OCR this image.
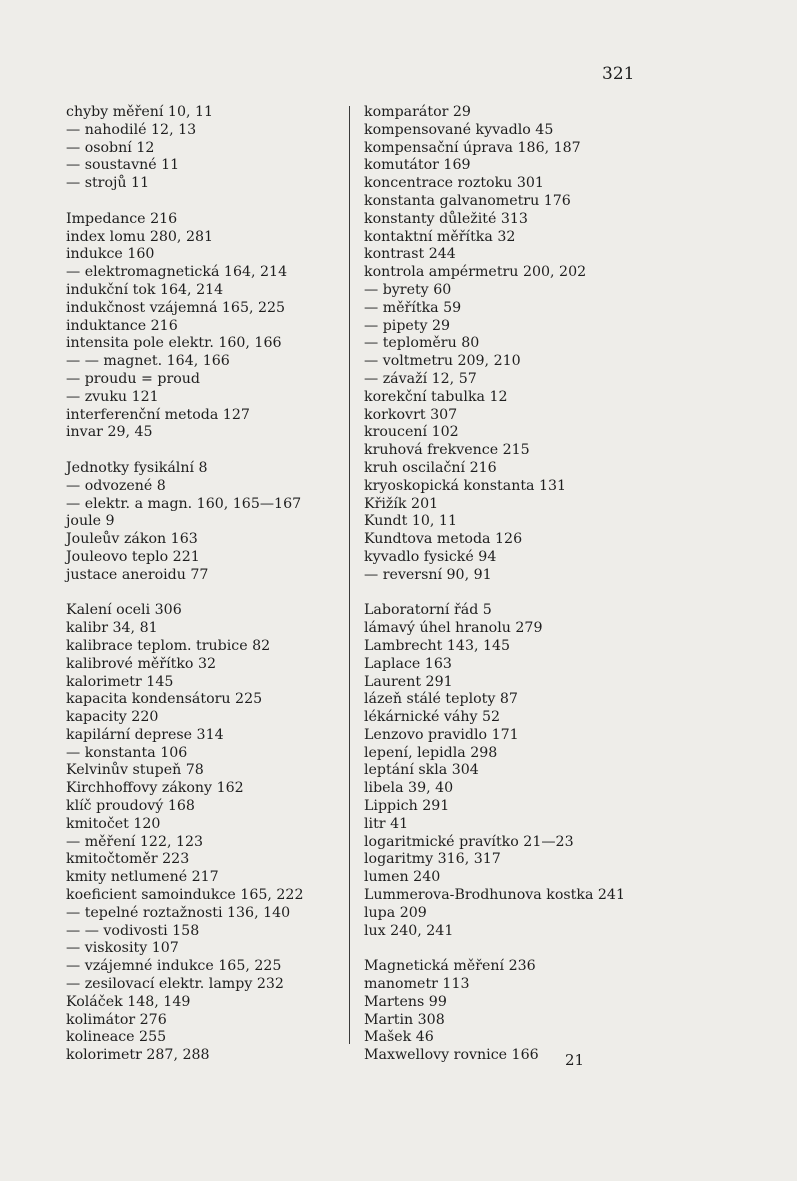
321
chyby měření 10, 11
— nahodilé 12, 13
— osobní 12
— soustavné 11
— strojů 11
Impedance 216
index lomu 280, 281
indukce 160
— elektromagnetická 164, 214
indukční tok 164, 214
indukčnost vzájemná 165, 225
induktance 216
intensita pole elektr. 160, 166
— — magnet. 164, 166
— proudu = proud
— zvuku 121
interferenční metoda 127
invar 29, 45
Jednotky fysikální 8
— odvozené 8
— elektr. a magn. 160, 165—167
joule 9
Jouleův zákon 163
Jouleovo teplo 221
justace aneroidu 77
Kalení oceli 306
kalibr 34, 81
kalibrace teplom. trubice 82
kalibrové měřítko 32
kalorimetr 145
kapacita kondensátoru 225
kapacity 220
kapilární deprese 314
— konstanta 106
Kelvinův stupeň 78
Kirchhoffovy zákony 162
klíč proudový 168
kmitočet 120
— měření 122, 123
kmitočtoměr 223
kmity netlumené 217
koeficient samoindukce 165, 222
— tepelné roztažnosti 136, 140
— — vodivosti 158
— viskosity 107
— vzájemné indukce 165, 225
— zesilovací elektr. lampy 232
Koláček 148, 149
kolimátor 276
kolineace 255
kolorimetr 287, 288
komparátor 29
kompensované kyvadlo 45
kompensační úprava 186, 187
komutátor 169
koncentrace roztoku 301
konstanta galvanometru 176
konstanty důležité 313
kontaktní měřítka 32
kontrast 244
kontrola ampérmetru 200, 202
— byrety 60
— měřítka 59
— pipety 29
— teploměru 80
— voltmetru 209, 210
— závaží 12, 57
korekční tabulka 12
korkovrt 307
kroucení 102
kruhová frekvence 215
kruh oscilační 216
kryoskopická konstanta 131
Křižík 201
Kundt 10, 11
Kundtova metoda 126
kyvadlo fysické 94
— reversní 90, 91
Laboratorní řád 5
lámavý úhel hranolu 279
Lambrecht 143, 145
Laplace 163
Laurent 291
lázeň stálé teploty 87
lékárnické váhy 52
Lenzovo pravidlo 171
lepení, lepidla 298
leptání skla 304
libela 39, 40
Lippich 291
litr 41
logaritmické pravítko 21—23
logaritmy 316, 317
lumen 240
Lummerova-Brodhunova kostka 241
lupa 209
lux 240, 241
Magnetická měření 236
manometr 113
Martens 99
Martin 308
Mašek 46
Maxwellovy rovnice 166	21
